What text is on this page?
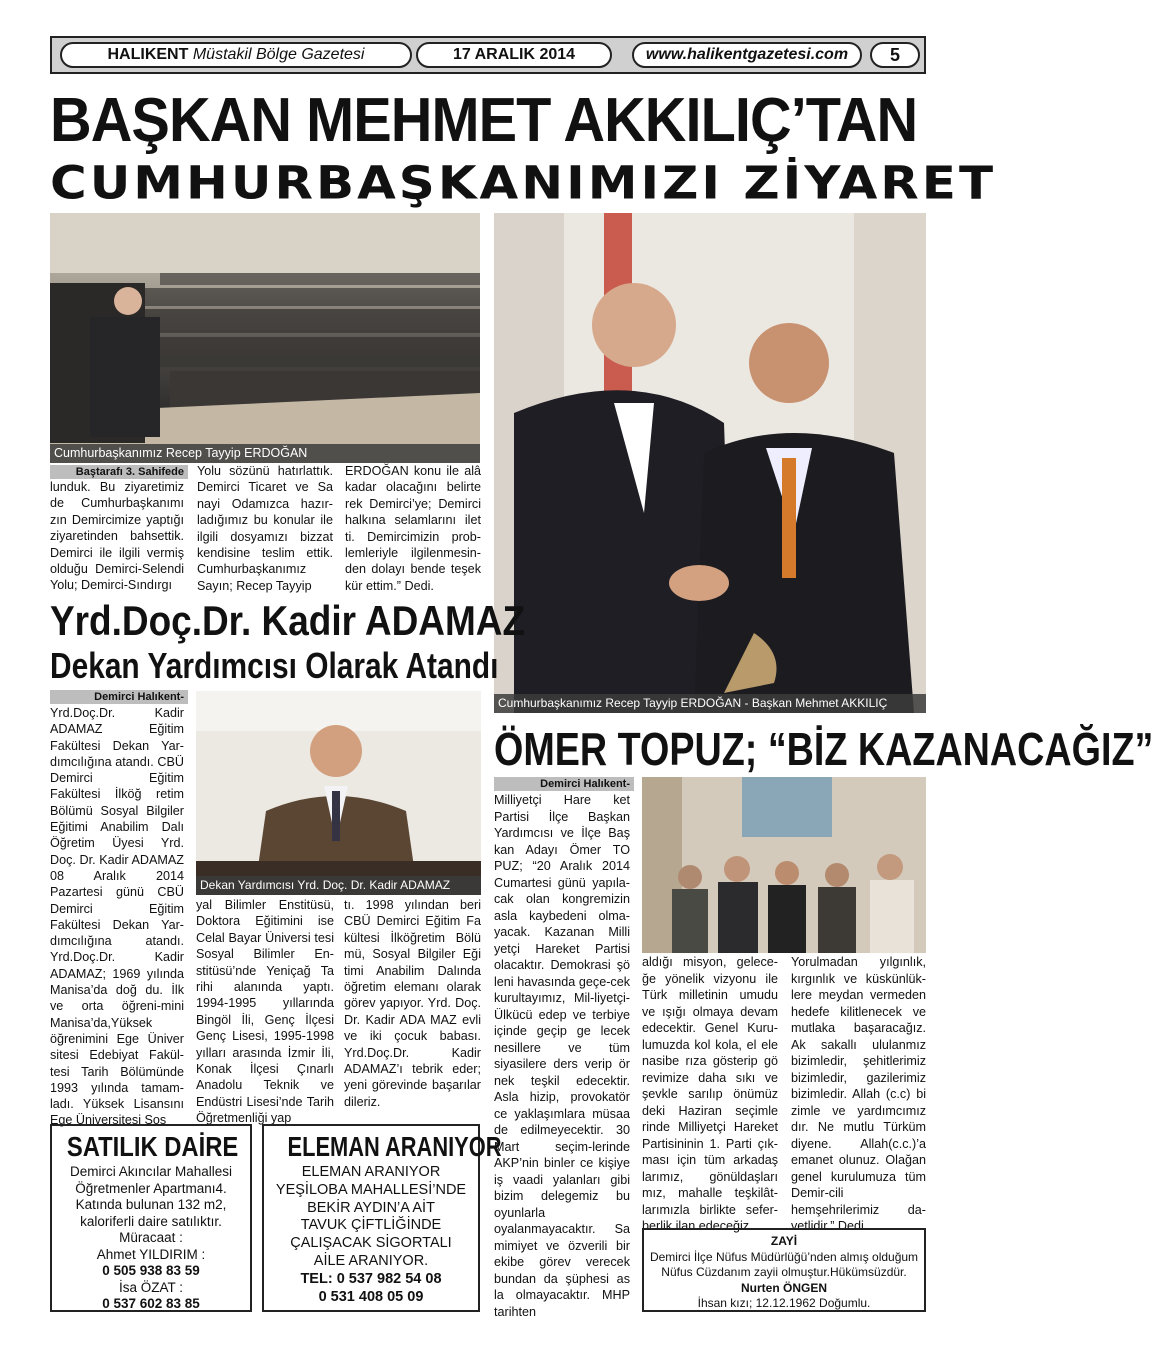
HALIKENT Müstakil Bölge Gazetesi	17 ARALIK 2014	www.halikentgazetesi.com	5
BAŞKAN MEHMET AKKILIÇ’TAN
CUMHURBAŞKANIMIZI ZİYARET
Cumhurbaşkanımız Recep Tayyip ERDOĞAN
Cumhurbaşkanımız Recep Tayyip ERDOĞAN - Başkan Mehmet AKKILIÇ
Baştarafı 3. Sahifede
lunduk. Bu ziyaretimiz de Cumhurbaşkanımı zın Demircimize yaptığı ziyaretinden bahsettik. Demirci ile ilgili vermiş olduğu Demirci-Selendi Yolu; Demirci-Sındırgı
Yolu sözünü hatırlattık. Demirci Ticaret ve Sa nayi Odamızca hazır-ladığımız bu konular ile ilgili dosyamızı bizzat kendisine teslim ettik. Cumhurbaşkanımız Sayın; Recep Tayyip
ERDOĞAN konu ile alâ kadar olacağını belirte rek Demirci’ye; Demirci halkına selamlarını ilet ti. Demircimizin prob-lemleriyle ilgilenmesin-den dolayı bende teşek kür ettim.” Dedi.
Yrd.Doç.Dr. Kadir ADAMAZ
Dekan Yardımcısı Olarak Atandı
Demirci Halıkent-
Yrd.Doç.Dr. Kadir ADAMAZ Eğitim Fakültesi Dekan Yar-dımcılığına atandı. CBÜ Demirci Eğitim Fakültesi İlköğ retim Bölümü Sosyal Bilgiler Eğitimi Anabilim Dalı Öğretim Üyesi Yrd. Doç. Dr. Kadir ADAMAZ 08 Aralık 2014 Pazartesi günü CBÜ Demirci Eğitim Fakültesi Dekan Yar-dımcılığına atandı. Yrd.Doç.Dr. Kadir ADAMAZ; 1969 yılında Manisa’da doğ du. İlk ve orta öğreni-mini Manisa’da,Yüksek öğrenimini Ege Üniver sitesi Edebiyat Fakül-tesi Tarih Bölümünde 1993 yılında tamam-ladı. Yüksek Lisansını Ege Üniversitesi Sos
Dekan Yardımcısı Yrd. Doç. Dr. Kadir ADAMAZ
yal Bilimler Enstitüsü, Doktora Eğitimini ise Celal Bayar Üniversi tesi Sosyal Bilimler En-stitüsü’nde Yeniçağ Ta rihi alanında yaptı. 1994-1995 yıllarında Bingöl İli, Genç İlçesi Genç Lisesi, 1995-1998 yılları arasında İzmir İli, Konak İlçesi Çınarlı Anadolu Teknik ve Endüstri Lisesi’nde Tarih Öğretmenliği yap
tı. 1998 yılından beri CBÜ Demirci Eğitim Fa kültesi İlköğretim Bölü mü, Sosyal Bilgiler Eği timi Anabilim Dalında öğretim elemanı olarak görev yapıyor. Yrd. Doç. Dr. Kadir ADA MAZ evli ve iki çocuk babası. Yrd.Doç.Dr. Kadir ADAMAZ’ı tebrik eder; yeni görevinde başarılar dileriz.
ÖMER TOPUZ; “BİZ KAZANACAĞIZ”
Demirci Halıkent-
Milliyetçi Hare ket Partisi İlçe Başkan Yardımcısı ve İlçe Baş kan Adayı Ömer TO PUZ; “20 Aralık 2014 Cumartesi günü yapıla-cak olan kongremizin asla kaybedeni olma-yacak. Kazanan Milli yetçi Hareket Partisi olacaktır. Demokrasi şö leni havasında geçe-cek kurultayımız, Mil-liyetçi-Ülkücü edep ve terbiye içinde geçip ge lecek nesillere ve tüm siyasilere ders verip ör nek teşkil edecektir. Asla hizip, provokatör ce yaklaşımlara müsaa de edilmeyecektir. 30 Mart seçim-lerinde AKP’nin binler ce kişiye iş vaadi yalanları gibi bizim delegemiz bu oyunlarla oyalanmayacaktır. Sa mimiyet ve özverili bir ekibe görev verecek bundan da şüphesi as la olmayacaktır. MHP tarihten
aldığı misyon, gelece-ğe yönelik vizyonu ile Türk milletinin umudu ve ışığı olmaya devam edecektir. Genel Kuru-lumuzda kol kola, el ele nasibe rıza gösterip gö revimize daha sıkı ve şevkle sarılıp önümüz deki Haziran seçimle rinde Milliyetçi Hareket Partisininin 1. Parti çık-ması için tüm arkadaş larımız, gönüldaşları mız, mahalle teşkilât-larımızla birlikte sefer-berlik ilan edeceğiz.
Yorulmadan yılgınlık, kırgınlık ve küskünlük-lere meydan vermeden hedefe kilitlenecek ve mutlaka başaracağız. Ak sakallı ululanmız bizimledir, şehitlerimiz bizimledir, gazilerimiz bizimledir. Allah (c.c) bi zimle ve yardımcımız dır. Ne mutlu Türküm diyene. Allah(c.c.)’a emanet olunuz. Olağan genel kurulumuza tüm Demir-cili hemşehrilerimiz da-vetlidir.” Dedi.
SATILIK DAİRE
Demirci Akıncılar Mahallesi
Öğretmenler Apartmanı4.
Katında bulunan 132 m2,
kaloriferli daire satılıktır.
Müracaat :
Ahmet YILDIRIM :
0 505 938 83 59
İsa ÖZAT :
0 537 602 83 85
ELEMAN ARANIYOR
ELEMAN ARANIYOR
YEŞİLOBA MAHALLESİ’NDE
BEKİR AYDIN’A AİT
TAVUK ÇİFTLİĞİNDE
ÇALIŞACAK SİGORTALI
AİLE ARANIYOR.
TEL: 0 537 982 54 08
0 531 408 05 09
ZAYİ
Demirci İlçe Nüfus Müdürlüğü’nden almış olduğum
Nüfus Cüzdanım zayii olmuştur.Hükümsüzdür.
Nurten ÖNGEN
İhsan kızı; 12.12.1962 Doğumlu.
